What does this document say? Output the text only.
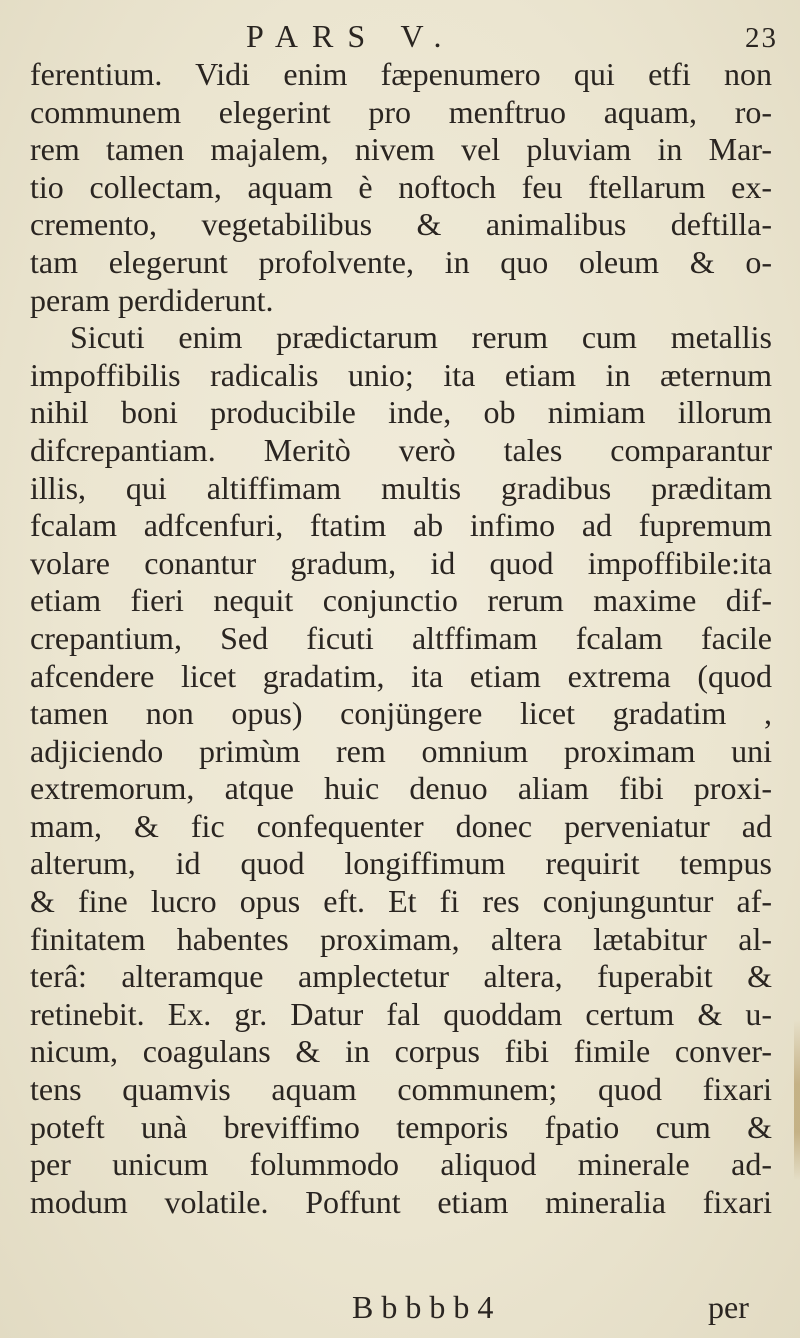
PARS V.	23
ferentium. Vidi enim fæpenumero qui etfi non
communem elegerint pro menftruo aquam, ro-
rem tamen majalem, nivem vel pluviam in Mar-
tio collectam, aquam è noftoch feu ftellarum ex-
cremento, vegetabilibus & animalibus deftilla-
tam elegerunt profolvente, in quo oleum & o-
peram perdiderunt.
Sicuti enim prædictarum rerum cum metallis
impoffibilis radicalis unio; ita etiam in æternum
nihil boni producibile inde, ob nimiam illorum
difcrepantiam. Meritò verò tales comparantur
illis, qui altiffimam multis gradibus præditam
fcalam adfcenfuri, ftatim ab infimo ad fupremum
volare conantur gradum, id quod impoffibile:ita
etiam fieri nequit conjunctio rerum maxime dif-
crepantium, Sed ficuti altffimam fcalam facile
afcendere licet gradatim, ita etiam extrema (quod
tamen non opus) conjüngere licet gradatim ,
adjiciendo primùm rem omnium proximam uni
extremorum, atque huic denuo aliam fibi proxi-
mam, & fic confequenter donec perveniatur ad
alterum, id quod longiffimum requirit tempus
& fine lucro opus eft. Et fi res conjunguntur af-
finitatem habentes proximam, altera lætabitur al-
terâ: alteramque amplectetur altera, fuperabit &
retinebit. Ex. gr. Datur fal quoddam certum & u-
nicum, coagulans & in corpus fibi fimile conver-
tens quamvis aquam communem; quod fixari
poteft unà breviffimo temporis fpatio cum &
per unicum folummodo aliquod minerale ad-
modum volatile. Poffunt etiam mineralia fixari
B b b b b 4	per
